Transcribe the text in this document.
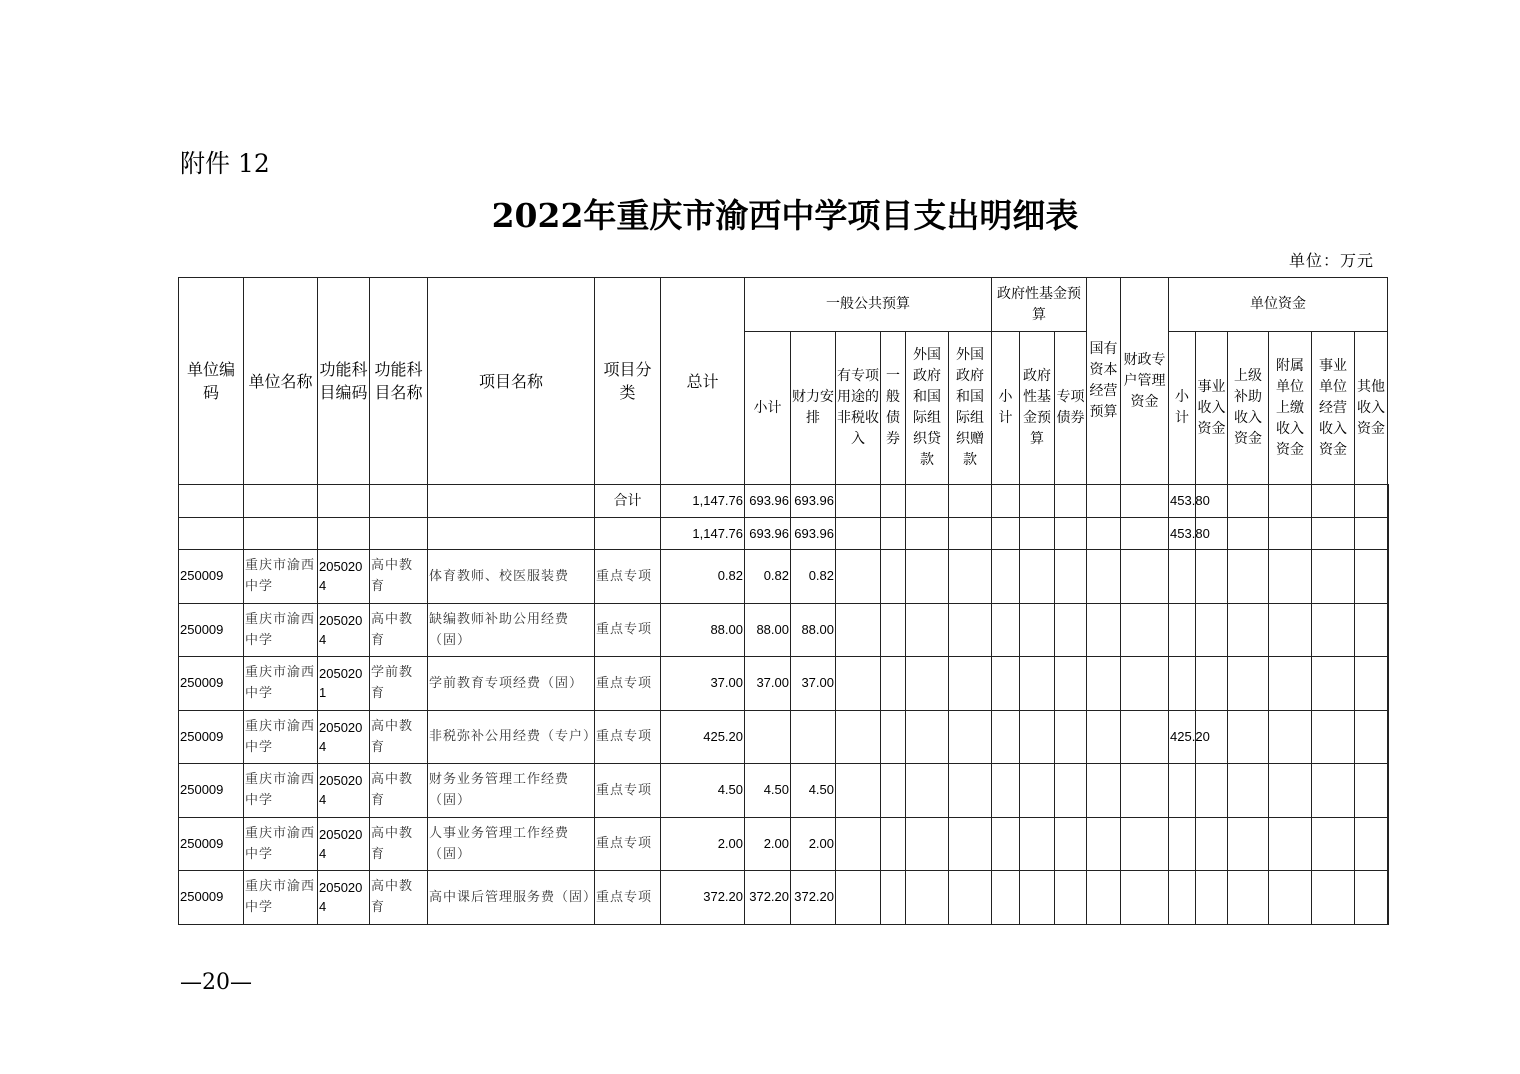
附件 12
2022年重庆市渝西中学项目支出明细表
单位：万元
单位编码	单位名称	功能科目编码	功能科目名称	项目名称	项目分类	总计	一般公共预算						政府性基金预算			国有资本经营预算	财政专户管理资金	单位资金						
							小计	财力安排	有专项用途的非税收入	一般债券	外国政府和国际组织贷款	外国政府和国际组织赠款	小计	政府性基金预算	专项债券			小计	事业收入资金	上级补助收入资金	附属单位上缴收入资金	事业单位经营收入资金	其他收入资金	
					合计	1,147.76	693.96	693.96										453.80						
						1,147.76	693.96	693.96										453.80						
250009	重庆市渝西中学	2050204	高中教育	体育教师、校医服装费	重点专项	0.82	0.82	0.82																
250009	重庆市渝西中学	2050204	高中教育	缺编教师补助公用经费（固）	重点专项	88.00	88.00	88.00																
250009	重庆市渝西中学	2050201	学前教育	学前教育专项经费（固）	重点专项	37.00	37.00	37.00																
250009	重庆市渝西中学	2050204	高中教育	非税弥补公用经费（专户）	重点专项	425.20												425.20						
250009	重庆市渝西中学	2050204	高中教育	财务业务管理工作经费（固）	重点专项	4.50	4.50	4.50																
250009	重庆市渝西中学	2050204	高中教育	人事业务管理工作经费（固）	重点专项	2.00	2.00	2.00																
250009	重庆市渝西中学	2050204	高中教育	高中课后管理服务费（固）	重点专项	372.20	372.20	372.20																
—20—
